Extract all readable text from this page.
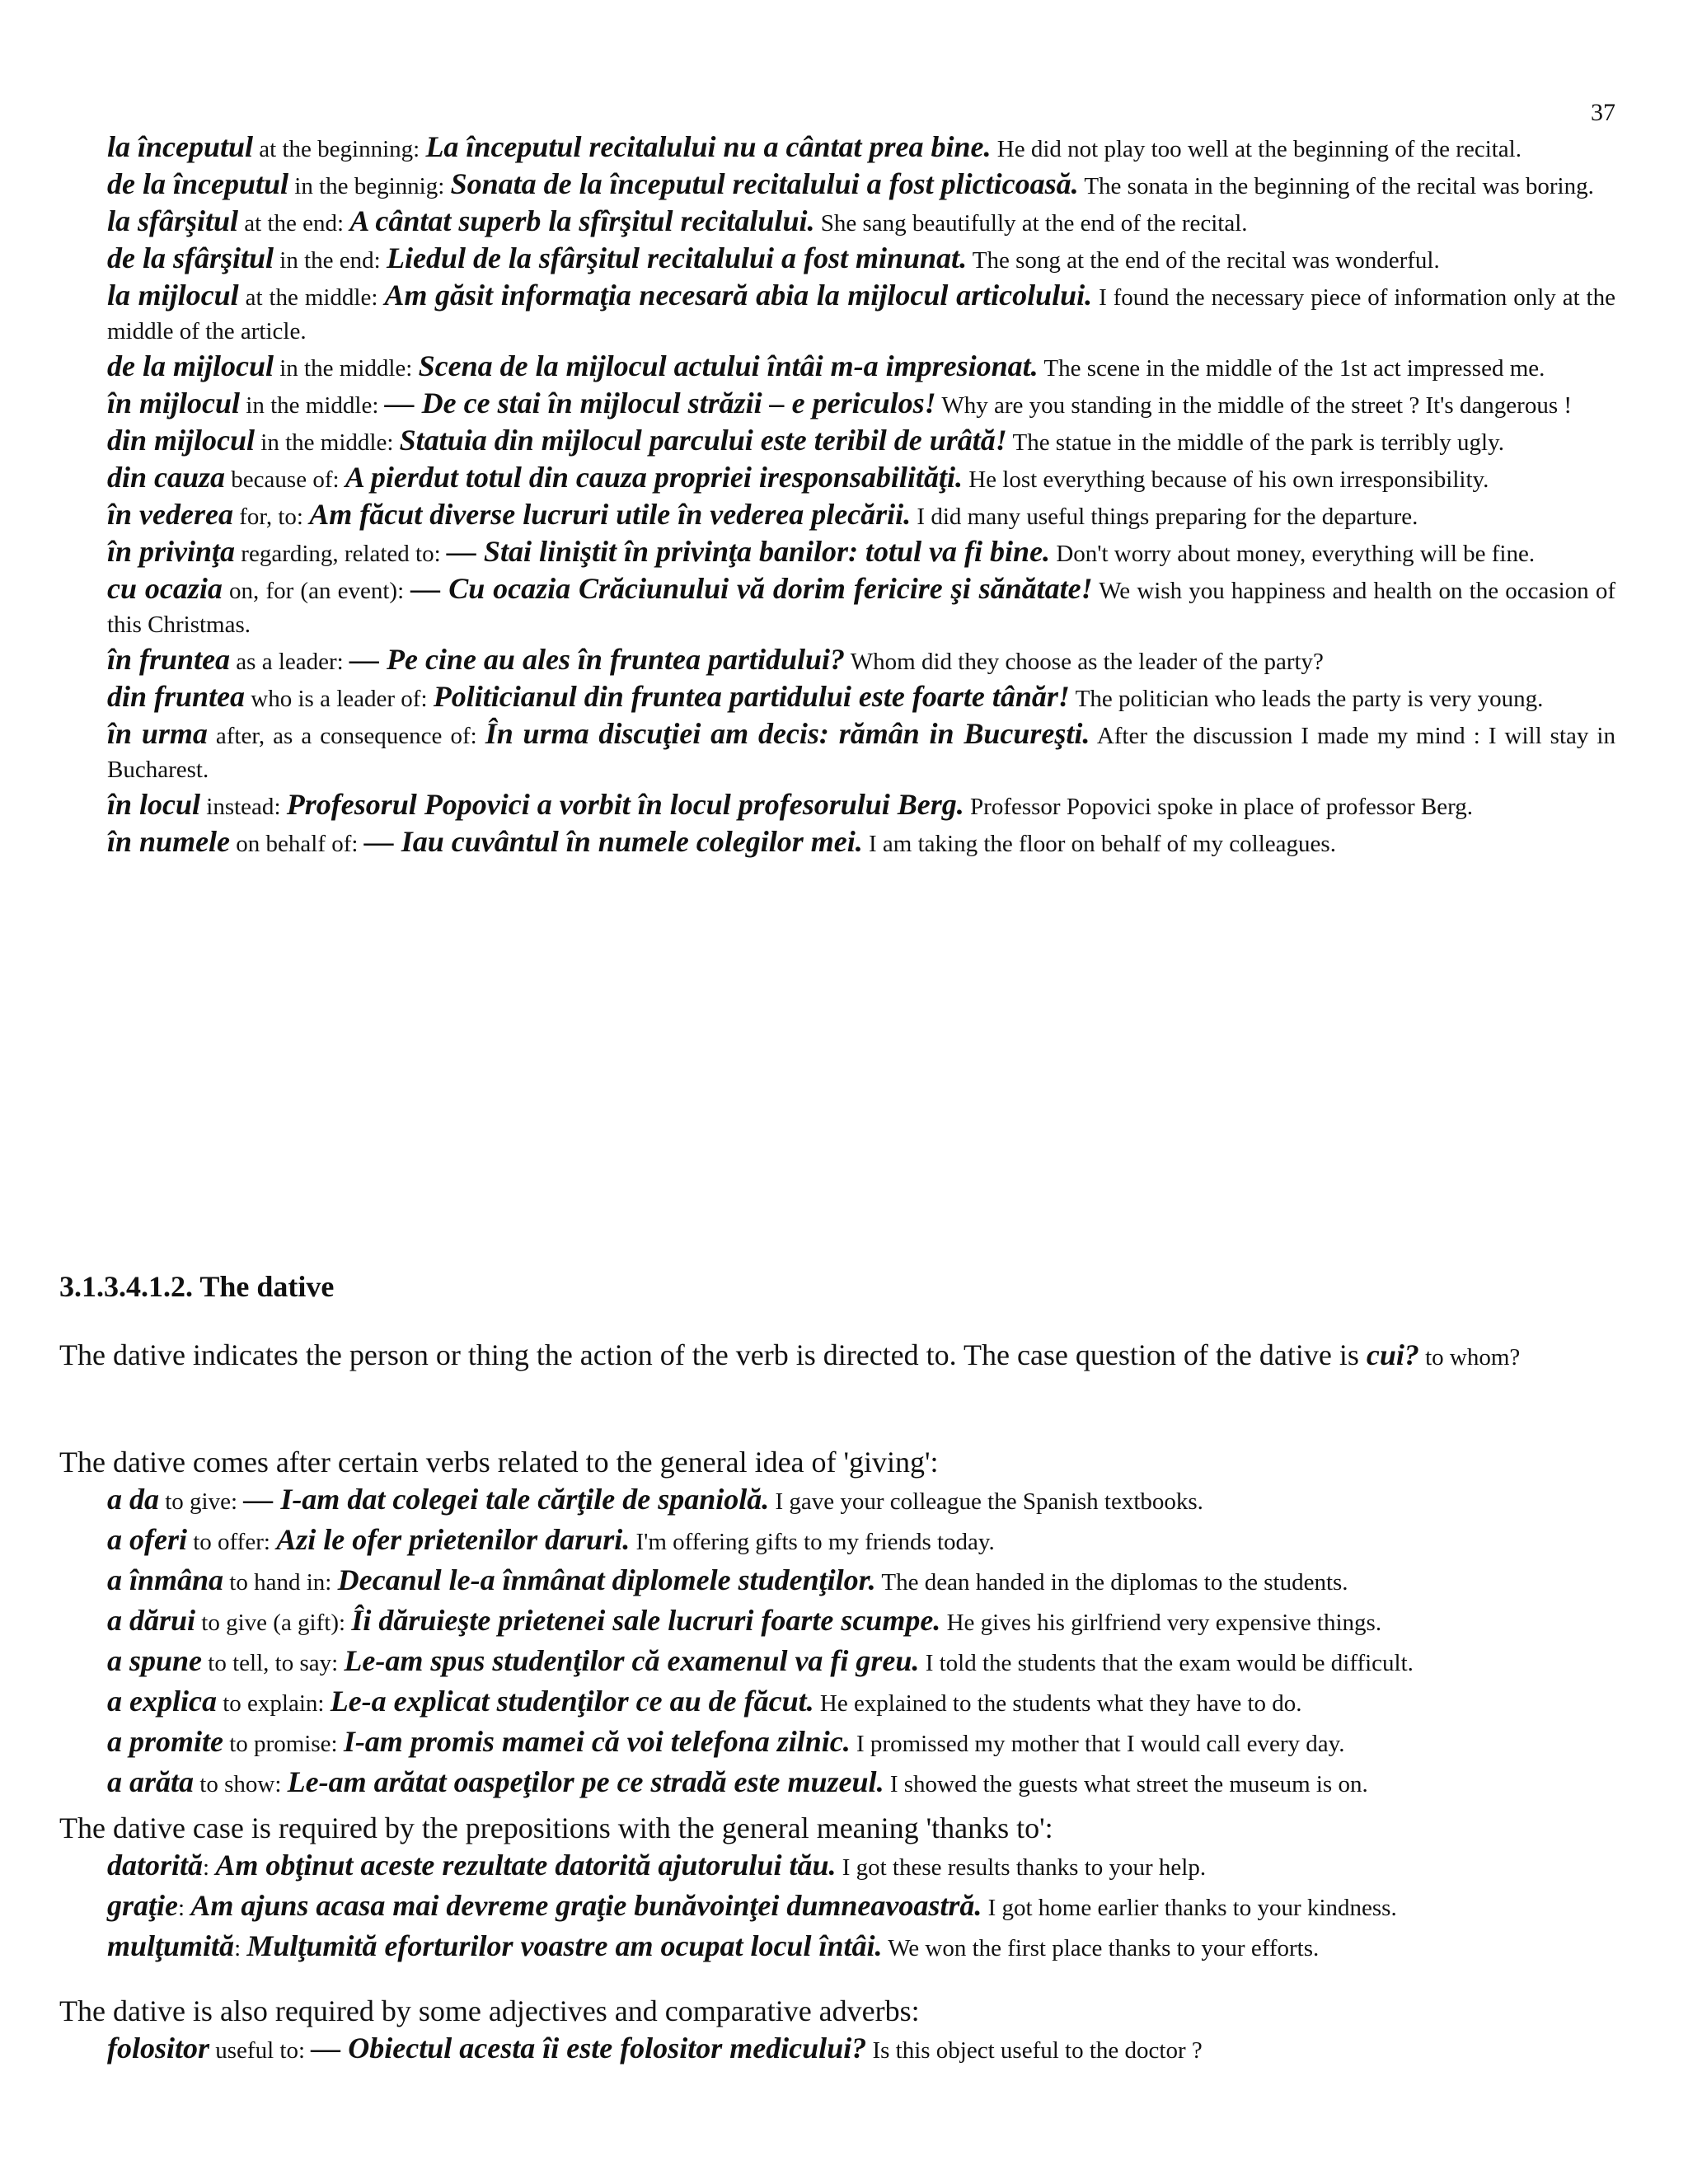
37
la începutul at the beginning: La începutul recitalului nu a cântat prea bine. He did not play too well at the beginning of the recital.
de la începutul in the beginnig: Sonata de la începutul recitalului a fost plicticoasă. The sonata in the beginning of the recital was boring.
la sfârşitul at the end: A cântat superb la sfîrşitul recitalului. She sang beautifully at the end of the recital.
de la sfârşitul in the end: Liedul de la sfârşitul recitalului a fost minunat. The song at the end of the recital was wonderful.
la mijlocul at the middle: Am găsit informaţia necesară abia la mijlocul articolului. I found the necessary piece of information only at the middle of the article.
de la mijlocul in the middle: Scena de la mijlocul actului întâi m-a impresionat. The scene in the middle of the 1st act impressed me.
în mijlocul in the middle: — De ce stai în mijlocul străzii – e periculos! Why are you standing in the middle of the street ? It's dangerous !
din mijlocul in the middle: Statuia din mijlocul parcului este teribil de urâtă! The statue in the middle of the park is terribly ugly.
din cauza because of: A pierdut totul din cauza propriei iresponsabilităţi. He lost everything because of his own irresponsibility.
în vederea for, to: Am făcut diverse lucruri utile în vederea plecării. I did many useful things preparing for the departure.
în privinţa regarding, related to: — Stai liniştit în privinţa banilor: totul va fi bine. Don't worry about money, everything will be fine.
cu ocazia on, for (an event): — Cu ocazia Crăciunului vă dorim fericire şi sănătate! We wish you happiness and health on the occasion of this Christmas.
în fruntea as a leader: — Pe cine au ales în fruntea partidului? Whom did they choose as the leader of the party?
din fruntea who is a leader of: Politicianul din fruntea partidului este foarte tânăr! The politician who leads the party is very young.
în urma after, as a consequence of: În urma discuţiei am decis: rămân in Bucureşti. After the discussion I made my mind : I will stay in Bucharest.
în locul instead: Profesorul Popovici a vorbit în locul profesorului Berg. Professor Popovici spoke in place of professor Berg.
în numele on behalf of: — Iau cuvântul în numele colegilor mei. I am taking the floor on behalf of my colleagues.
3.1.3.4.1.2. The dative
The dative indicates the person or thing the action of the verb is directed to. The case question of the dative is cui? to whom?
The dative comes after certain verbs related to the general idea of 'giving':
a da to give: — I-am dat colegei tale cărţile de spaniolă. I gave your colleague the Spanish textbooks.
a oferi to offer: Azi le ofer prietenilor daruri. I'm offering gifts to my friends today.
a înmâna to hand in: Decanul le-a înmânat diplomele studenţilor. The dean handed in the diplomas to the students.
a dărui to give (a gift): Îi dăruieşte prietenei sale lucruri foarte scumpe. He gives his girlfriend very expensive things.
a spune to tell, to say: Le-am spus studenţilor că examenul va fi greu. I told the students that the exam would be difficult.
a explica to explain: Le-a explicat studenţilor ce au de făcut. He explained to the students what they have to do.
a promite to promise: I-am promis mamei că voi telefona zilnic. I promissed my mother that I would call every day.
a arăta to show: Le-am arătat oaspeţilor pe ce stradă este muzeul. I showed the guests what street the museum is on.
The dative case is required by the prepositions with the general meaning 'thanks to':
datorită: Am obţinut aceste rezultate datorită ajutorului tău. I got these results thanks to your help.
graţie: Am ajuns acasa mai devreme graţie bunăvoinţei dumneavoastră. I got home earlier thanks to your kindness.
mulţumită: Mulţumită eforturilor voastre am ocupat locul întâi. We won the first place thanks to your efforts.
The dative is also required by some adjectives and comparative adverbs:
folositor useful to: — Obiectul acesta îi este folositor medicului? Is this object useful to the doctor ?
